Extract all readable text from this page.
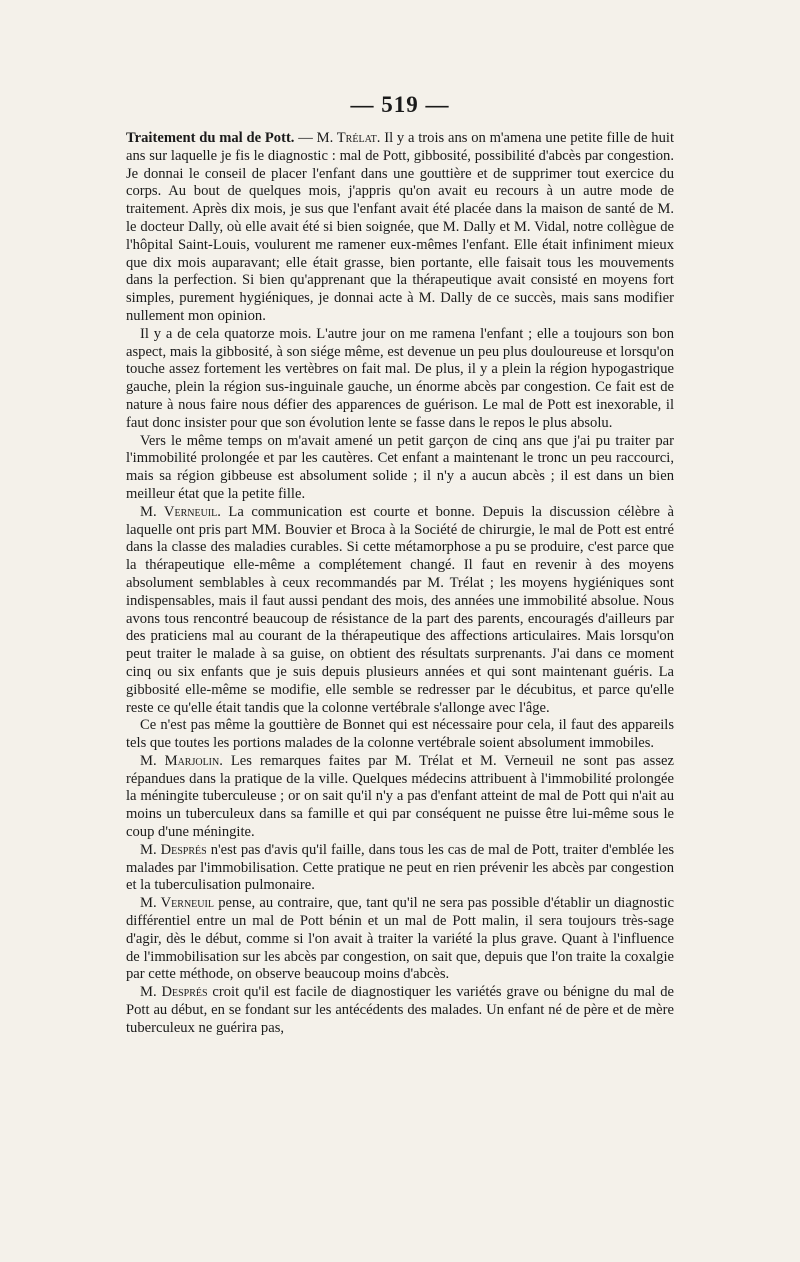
— 519 —

Traitement du mal de Pott. — M. Trélat. Il y a trois ans on m'amena une petite fille de huit ans sur laquelle je fis le diagnostic : mal de Pott, gibbosité, possibilité d'abcès par congestion. Je donnai le conseil de placer l'enfant dans une gouttière et de supprimer tout exercice du corps. Au bout de quelques mois, j'appris qu'on avait eu recours à un autre mode de traitement. Après dix mois, je sus que l'enfant avait été placée dans la maison de santé de M. le docteur Dally, où elle avait été si bien soignée, que M. Dally et M. Vidal, notre collègue de l'hôpital Saint-Louis, voulurent me ramener eux-mêmes l'enfant. Elle était infiniment mieux que dix mois auparavant; elle était grasse, bien portante, elle faisait tous les mouvements dans la perfection. Si bien qu'apprenant que la thérapeutique avait consisté en moyens fort simples, purement hygiéniques, je donnai acte à M. Dally de ce succès, mais sans modifier nullement mon opinion.

Il y a de cela quatorze mois. L'autre jour on me ramena l'enfant ; elle a toujours son bon aspect, mais la gibbosité, à son siége même, est devenue un peu plus douloureuse et lorsqu'on touche assez fortement les vertèbres on fait mal. De plus, il y a plein la région hypogastrique gauche, plein la région sus-inguinale gauche, un énorme abcès par congestion. Ce fait est de nature à nous faire nous défier des apparences de guérison. Le mal de Pott est inexorable, il faut donc insister pour que son évolution lente se fasse dans le repos le plus absolu.

Vers le même temps on m'avait amené un petit garçon de cinq ans que j'ai pu traiter par l'immobilité prolongée et par les cautères. Cet enfant a maintenant le tronc un peu raccourci, mais sa région gibbeuse est absolument solide ; il n'y a aucun abcès ; il est dans un bien meilleur état que la petite fille.

M. Verneuil. La communication est courte et bonne. Depuis la discussion célèbre à laquelle ont pris part MM. Bouvier et Broca à la Société de chirurgie, le mal de Pott est entré dans la classe des maladies curables. Si cette métamorphose a pu se produire, c'est parce que la thérapeutique elle-même a complétement changé. Il faut en revenir à des moyens absolument semblables à ceux recommandés par M. Trélat ; les moyens hygiéniques sont indispensables, mais il faut aussi pendant des mois, des années une immobilité absolue. Nous avons tous rencontré beaucoup de résistance de la part des parents, encouragés d'ailleurs par des praticiens mal au courant de la thérapeutique des affections articulaires. Mais lorsqu'on peut traiter le malade à sa guise, on obtient des résultats surprenants. J'ai dans ce moment cinq ou six enfants que je suis depuis plusieurs années et qui sont maintenant guéris. La gibbosité elle-même se modifie, elle semble se redresser par le décubitus, et parce qu'elle reste ce qu'elle était tandis que la colonne vertébrale s'allonge avec l'âge.

Ce n'est pas même la gouttière de Bonnet qui est nécessaire pour cela, il faut des appareils tels que toutes les portions malades de la colonne vertébrale soient absolument immobiles.

M. Marjolin. Les remarques faites par M. Trélat et M. Verneuil ne sont pas assez répandues dans la pratique de la ville. Quelques médecins attribuent à l'immobilité prolongée la méningite tuberculeuse ; or on sait qu'il n'y a pas d'enfant atteint de mal de Pott qui n'ait au moins un tuberculeux dans sa famille et qui par conséquent ne puisse être lui-même sous le coup d'une méningite.

M. Després n'est pas d'avis qu'il faille, dans tous les cas de mal de Pott, traiter d'emblée les malades par l'immobilisation. Cette pratique ne peut en rien prévenir les abcès par congestion et la tuberculisation pulmonaire.

M. Verneuil pense, au contraire, que, tant qu'il ne sera pas possible d'établir un diagnostic différentiel entre un mal de Pott bénin et un mal de Pott malin, il sera toujours très-sage d'agir, dès le début, comme si l'on avait à traiter la variété la plus grave. Quant à l'influence de l'immobilisation sur les abcès par congestion, on sait que, depuis que l'on traite la coxalgie par cette méthode, on observe beaucoup moins d'abcès.

M. Després croit qu'il est facile de diagnostiquer les variétés grave ou bénigne du mal de Pott au début, en se fondant sur les antécédents des malades. Un enfant né de père et de mère tuberculeux ne guérira pas,
